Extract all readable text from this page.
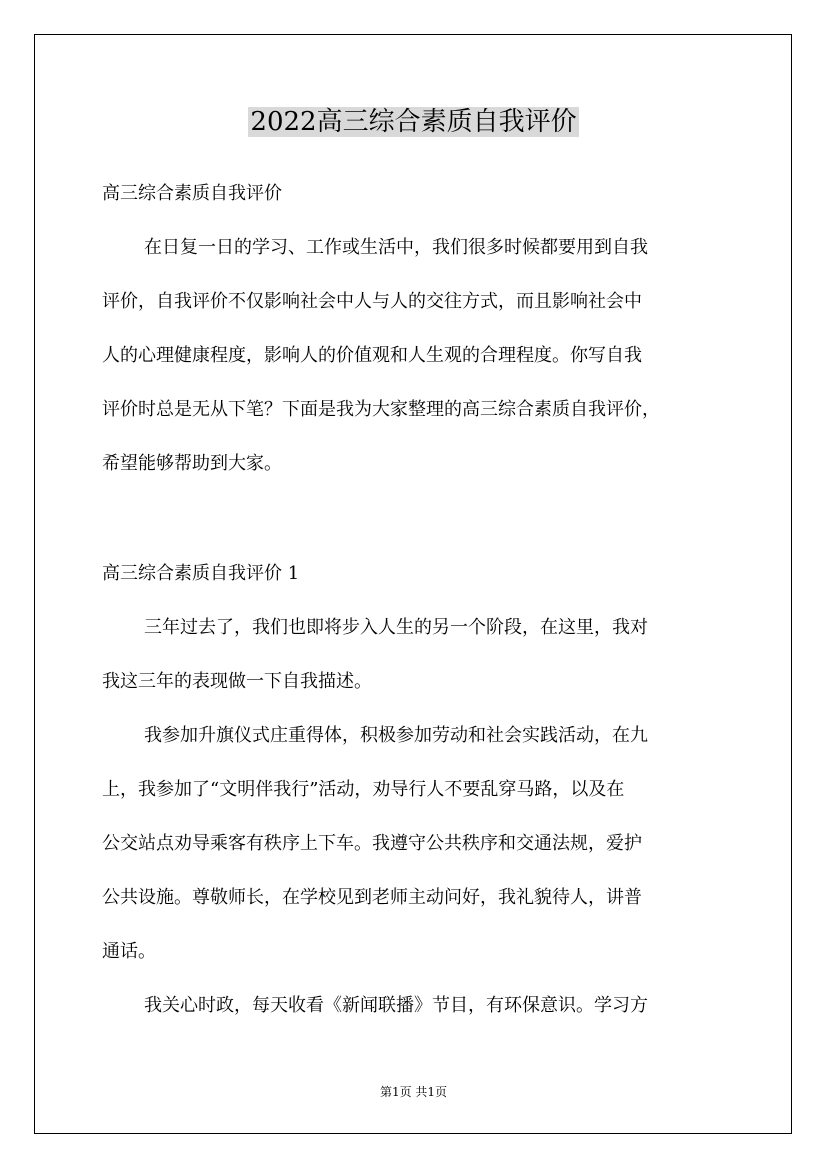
2022高三综合素质自我评价
高三综合素质自我评价
在日复一日的学习、工作或生活中，我们很多时候都要用到自我
评价，自我评价不仅影响社会中人与人的交往方式，而且影响社会中
人的心理健康程度，影响人的价值观和人生观的合理程度。你写自我
评价时总是无从下笔？下面是我为大家整理的高三综合素质自我评价，
希望能够帮助到大家。
高三综合素质自我评价 1
三年过去了，我们也即将步入人生的另一个阶段，在这里，我对
我这三年的表现做一下自我描述。
我参加升旗仪式庄重得体，积极参加劳动和社会实践活动，在九
上，我参加了“文明伴我行”活动，劝导行人不要乱穿马路，以及在
公交站点劝导乘客有秩序上下车。我遵守公共秩序和交通法规，爱护
公共设施。尊敬师长，在学校见到老师主动问好，我礼貌待人，讲普
通话。
我关心时政，每天收看《新闻联播》节目，有环保意识。学习方
第1页 共1页
